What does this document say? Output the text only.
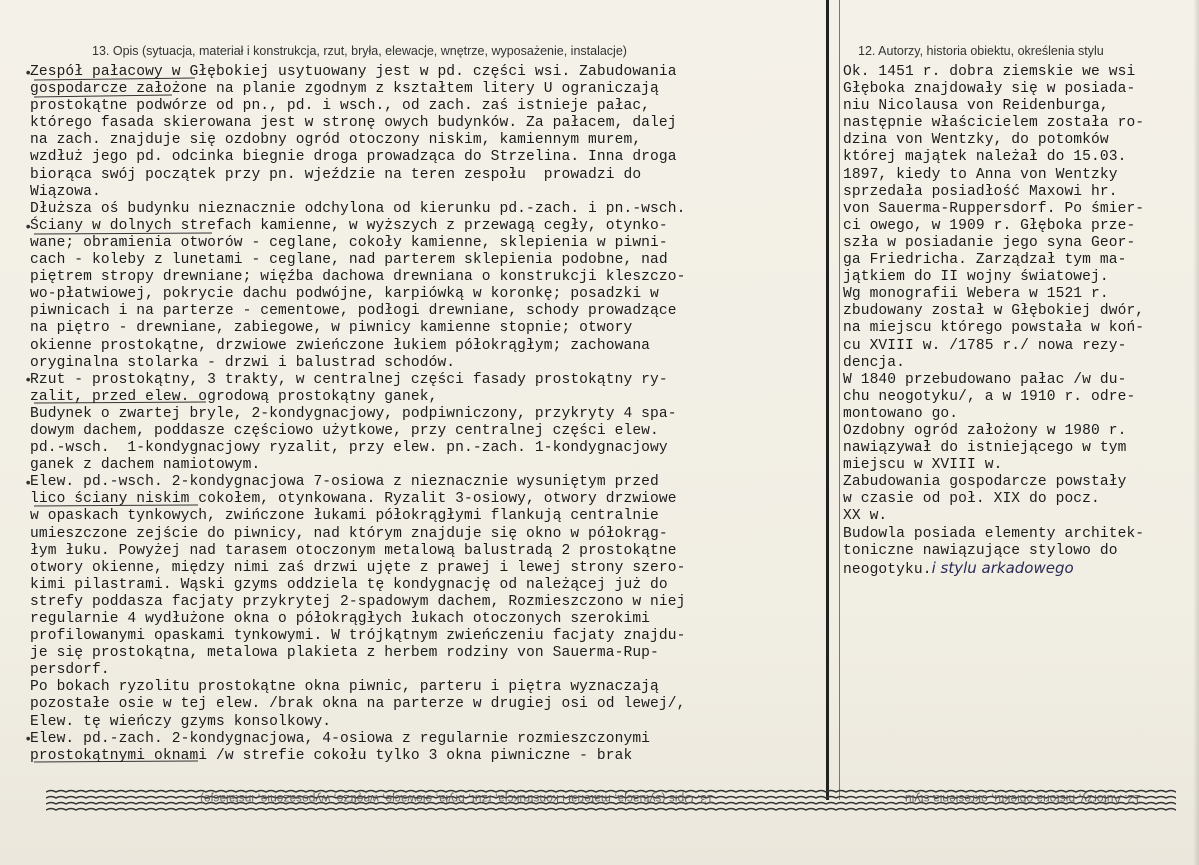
13. Opis (sytuacja, materiał i konstrukcja, rzut, bryła, elewacje, wnętrze, wyposażenie, instalacje)	12. Autorzy, historia obiektu, określenia stylu
•
•
•
•
•
Zespół pałacowy w Głębokiej usytuowany jest w pd. części wsi. Zabudowania
gospodarcze założone na planie zgodnym z kształtem litery U ograniczają
prostokątne podwórze od pn., pd. i wsch., od zach. zaś istnieje pałac,
którego fasada skierowana jest w stronę owych budynków. Za pałacem, dalej
na zach. znajduje się ozdobny ogród otoczony niskim, kamiennym murem,
wzdłuż jego pd. odcinka biegnie droga prowadząca do Strzelina. Inna droga
biorąca swój początek przy pn. wjeździe na teren zespołu  prowadzi do
Wiązowa.
Dłuższa oś budynku nieznacznie odchylona od kierunku pd.-zach. i pn.-wsch.
Ściany w dolnych strefach kamienne, w wyższych z przewagą cegły, otynko-
wane; obramienia otworów - ceglane, cokoły kamienne, sklepienia w piwni-
cach - koleby z lunetami - ceglane, nad parterem sklepienia podobne, nad
piętrem stropy drewniane; więźba dachowa drewniana o konstrukcji kleszczo-
wo-płatwiowej, pokrycie dachu podwójne, karpiówką w koronkę; posadzki w
piwnicach i na parterze - cementowe, podłogi drewniane, schody prowadzące
na piętro - drewniane, zabiegowe, w piwnicy kamienne stopnie; otwory
okienne prostokątne, drzwiowe zwieńczone łukiem półokrągłym; zachowana
oryginalna stolarka - drzwi i balustrad schodów.
Rzut - prostokątny, 3 trakty, w centralnej części fasady prostokątny ry-
zalit, przed elew. ogrodową prostokątny ganek,
Budynek o zwartej bryle, 2-kondygnacjowy, podpiwniczony, przykryty 4 spa-
dowym dachem, poddasze częściowo użytkowe, przy centralnej części elew.
pd.-wsch.  1-kondygnacjowy ryzalit, przy elew. pn.-zach. 1-kondygnacjowy
ganek z dachem namiotowym.
Elew. pd.-wsch. 2-kondygnacjowa 7-osiowa z nieznacznie wysuniętym przed
lico ściany niskim cokołem, otynkowana. Ryzalit 3-osiowy, otwory drzwiowe
w opaskach tynkowych, zwińczone łukami półokrągłymi flankują centralnie
umieszczone zejście do piwnicy, nad którym znajduje się okno w półokrąg-
łym łuku. Powyżej nad tarasem otoczonym metalową balustradą 2 prostokątne
otwory okienne, między nimi zaś drzwi ujęte z prawej i lewej strony szero-
kimi pilastrami. Wąski gzyms oddziela tę kondygnację od należącej już do
strefy poddasza facjaty przykrytej 2-spadowym dachem, Rozmieszczono w niej
regularnie 4 wydłużone okna o półokrągłych łukach otoczonych szerokimi
profilowanymi opaskami tynkowymi. W trójkątnym zwieńczeniu facjaty znajdu-
je się prostokątna, metalowa plakieta z herbem rodziny von Sauerma-Rup-
persdorf.
Po bokach ryzolitu prostokątne okna piwnic, parteru i piętra wyznaczają
pozostałe osie w tej elew. /brak okna na parterze w drugiej osi od lewej/,
Elew. tę wieńczy gzyms konsolkowy.
Elew. pd.-zach. 2-kondygnacjowa, 4-osiowa z regularnie rozmieszczonymi
prostokątnymi oknami /w strefie cokołu tylko 3 okna piwniczne - brak
Ok. 1451 r. dobra ziemskie we wsi
Głęboka znajdowały się w posiada-
niu Nicolausa von Reidenburga,
następnie właścicielem została ro-
dzina von Wentzky, do potomków
której majątek należał do 15.03.
1897, kiedy to Anna von Wentzky
sprzedała posiadłość Maxowi hr.
von Sauerma-Ruppersdorf. Po śmier-
ci owego, w 1909 r. Głęboka prze-
szła w posiadanie jego syna Geor-
ga Friedricha. Zarządzał tym ma-
jątkiem do II wojny światowej.
Wg monografii Webera w 1521 r.
zbudowany został w Głębokiej dwór,
na miejscu którego powstała w koń-
cu XVIII w. /1785 r./ nowa rezy-
dencja.
W 1840 przebudowano pałac /w du-
chu neogotyku/, a w 1910 r. odre-
montowano go.
Ozdobny ogród założony w 1980 r.
nawiązywał do istniejącego w tym
miejscu w XVIII w.
Zabudowania gospodarcze powstały
w czasie od poł. XIX do pocz.
XX w.
Budowla posiada elementy architek-
toniczne nawiązujące stylowo do
neogotyku.i stylu arkadowego
13. Opis (sytuacja, materiał i konstrukcja, rzut, bryła, elewacje, wnętrze, wyposażenie, instalacje)	12. Autorzy, historia obiektu, określenia stylu
